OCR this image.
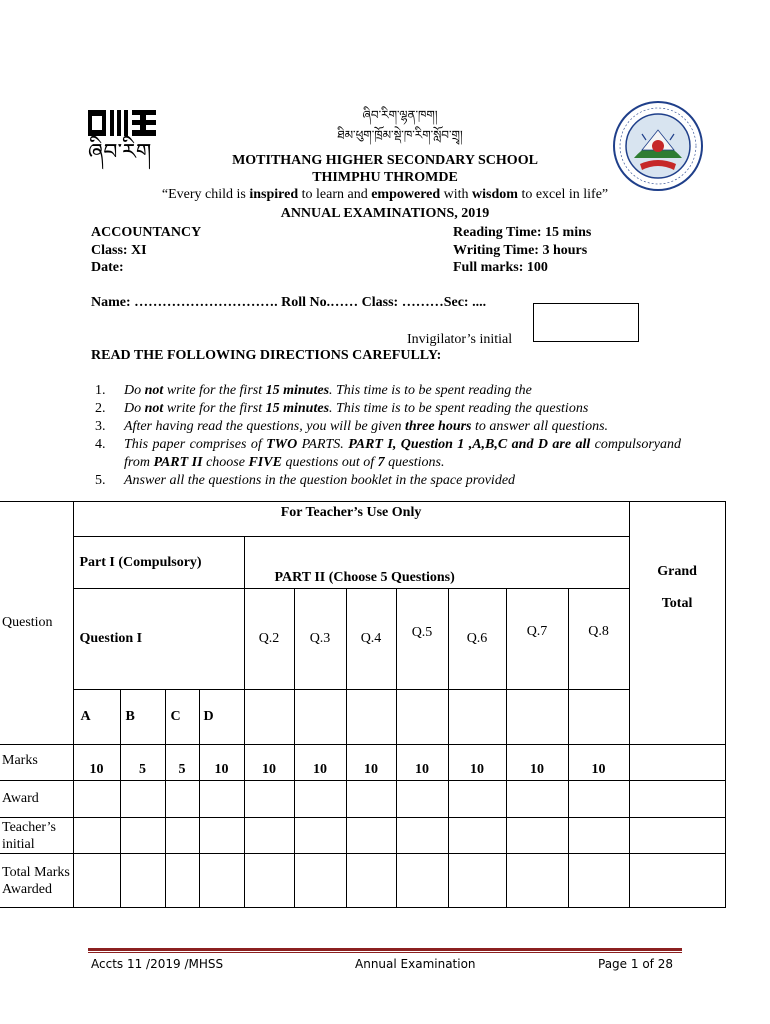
ཞིབ་རིག
ཞིབ་རིག་ལྷན་ཁག།
ཐིམ་ཕུག་ཁྲོམ་སྡེ་ཁ་རིག་སློབ་གྲྭ།
MOTITHANG HIGHER SECONDARY SCHOOL
THIMPHU THROMDE
“Every child is inspired to learn and empowered with wisdom to excel in life”
ANNUAL EXAMINATIONS, 2019
ACCOUNTANCY
Class: XI
Date:
Reading Time: 15 mins
Writing Time: 3 hours
Full marks: 100
Name: …………………………. Roll No.…… Class: ………Sec: ....
Invigilator’s initial
READ THE FOLLOWING DIRECTIONS CAREFULLY:
1.	Do not write for the first 15 minutes. This time is to be spent reading the
2.	Do not write for the first 15 minutes. This time is to be spent reading the questions
3.	After having read the questions, you will be given three hours to answer all questions.
4.	This paper comprises of TWO PARTS. PART I, Question 1 ,A,B,C and D are all compulsoryand from PART II choose FIVE questions out of 7 questions.
5.	Answer all the questions in the question booklet in the space provided
Question	For Teacher’s Use Only											Grand
Total

	Part I (Compulsory)				PART II (Choose 5 Questions)							
	Question I				Q.2	Q.3	Q.4	Q.5	Q.6	Q.7	Q.8	
	A	B	C	D								
Marks	10	5	5	10	10	10	10	10	10	10	10	
Award												
Teacher’s initial												
Total Marks Awarded												
Accts 11 /2019 /MHSS	Annual Examination	Page 1 of 28
